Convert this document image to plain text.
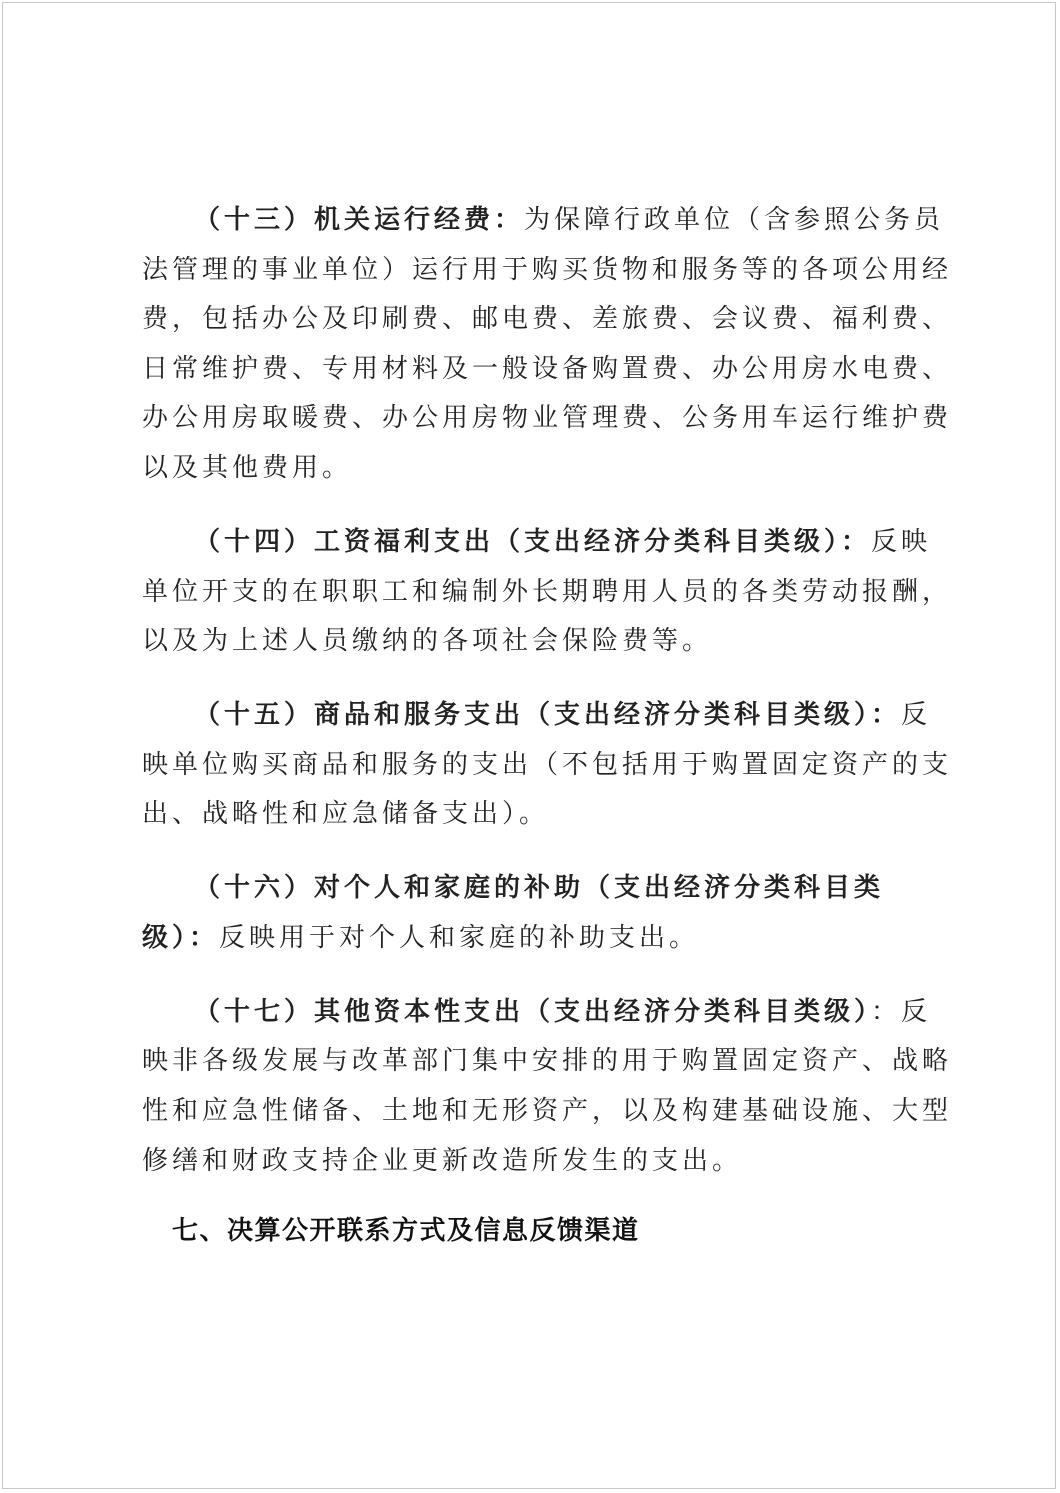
（十三）机关运行经费：为保障行政单位（含参照公务员法管理的事业单位）运行用于购买货物和服务等的各项公用经费，包括办公及印刷费、邮电费、差旅费、会议费、福利费、日常维护费、专用材料及一般设备购置费、办公用房水电费、办公用房取暖费、办公用房物业管理费、公务用车运行维护费以及其他费用。

（十四）工资福利支出（支出经济分类科目类级）：反映单位开支的在职职工和编制外长期聘用人员的各类劳动报酬，以及为上述人员缴纳的各项社会保险费等。

（十五）商品和服务支出（支出经济分类科目类级）：反映单位购买商品和服务的支出（不包括用于购置固定资产的支出、战略性和应急储备支出）。

（十六）对个人和家庭的补助（支出经济分类科目类级）：反映用于对个人和家庭的补助支出。

（十七）其他资本性支出（支出经济分类科目类级）：反映非各级发展与改革部门集中安排的用于购置固定资产、战略性和应急性储备、土地和无形资产，以及构建基础设施、大型修缮和财政支持企业更新改造所发生的支出。

七、决算公开联系方式及信息反馈渠道
